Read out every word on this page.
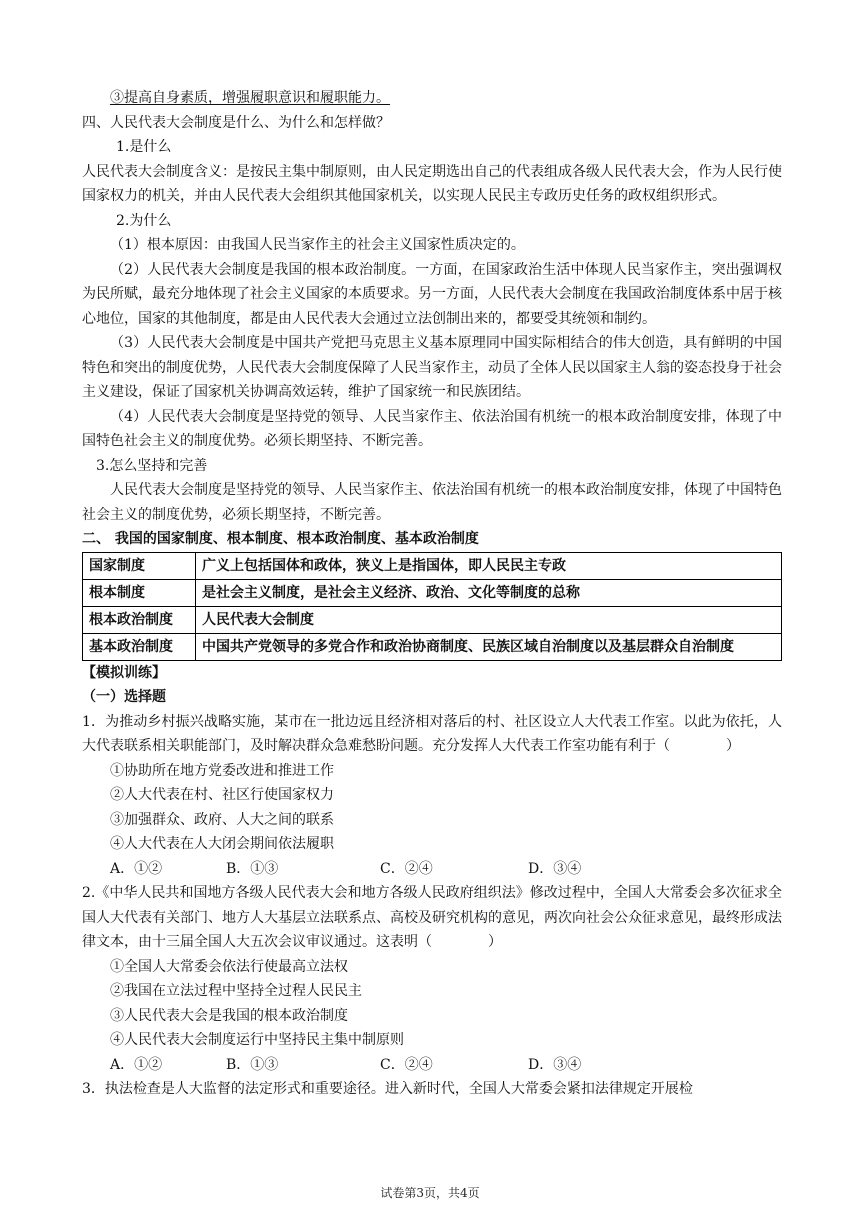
③提高自身素质，增强履职意识和履职能力。
四、人民代表大会制度是什么、为什么和怎样做？
1.是什么
人民代表大会制度含义：是按民主集中制原则，由人民定期选出自己的代表组成各级人民代表大会，作为人民行使国家权力的机关，并由人民代表大会组织其他国家机关，以实现人民民主专政历史任务的政权组织形式。
2.为什么
（1）根本原因：由我国人民当家作主的社会主义国家性质决定的。
（2）人民代表大会制度是我国的根本政治制度。一方面，在国家政治生活中体现人民当家作主，突出强调权为民所赋，最充分地体现了社会主义国家的本质要求。另一方面，人民代表大会制度在我国政治制度体系中居于核心地位，国家的其他制度，都是由人民代表大会通过立法创制出来的，都要受其统领和制约。
（3）人民代表大会制度是中国共产党把马克思主义基本原理同中国实际相结合的伟大创造，具有鲜明的中国特色和突出的制度优势，人民代表大会制度保障了人民当家作主，动员了全体人民以国家主人翁的姿态投身于社会主义建设，保证了国家机关协调高效运转，维护了国家统一和民族团结。
（4）人民代表大会制度是坚持党的领导、人民当家作主、依法治国有机统一的根本政治制度安排，体现了中国特色社会主义的制度优势。必须长期坚持、不断完善。
3.怎么坚持和完善
人民代表大会制度是坚持党的领导、人民当家作主、依法治国有机统一的根本政治制度安排，体现了中国特色社会主义的制度优势，必须长期坚持，不断完善。
二、 我国的国家制度、根本制度、根本政治制度、基本政治制度
国家制度	广义上包括国体和政体，狭义上是指国体，即人民民主专政
根本制度	是社会主义制度，是社会主义经济、政治、文化等制度的总称
根本政治制度	人民代表大会制度
基本政治制度	中国共产党领导的多党合作和政治协商制度、民族区域自治制度以及基层群众自治制度
【模拟训练】
（一）选择题
1．为推动乡村振兴战略实施，某市在一批边远且经济相对落后的村、社区设立人大代表工作室。以此为依托，人大代表联系相关职能部门，及时解决群众急难愁盼问题。充分发挥人大代表工作室功能有利于（　　　　）
①协助所在地方党委改进和推进工作
②人大代表在村、社区行使国家权力
③加强群众、政府、人大之间的联系
④人大代表在人大闭会期间依法履职
A．①②	B．①③	C．②④	D．③④
2.《中华人民共和国地方各级人民代表大会和地方各级人民政府组织法》修改过程中，全国人大常委会多次征求全国人大代表有关部门、地方人大基层立法联系点、高校及研究机构的意见，两次向社会公众征求意见，最终形成法律文本，由十三届全国人大五次会议审议通过。这表明（　　　　）
①全国人大常委会依法行使最高立法权
②我国在立法过程中坚持全过程人民民主
③人民代表大会是我国的根本政治制度
④人民代表大会制度运行中坚持民主集中制原则
A．①②	B．①③	C．②④	D．③④
3．执法检查是人大监督的法定形式和重要途径。进入新时代，全国人大常委会紧扣法律规定开展检
试卷第3页，共4页
